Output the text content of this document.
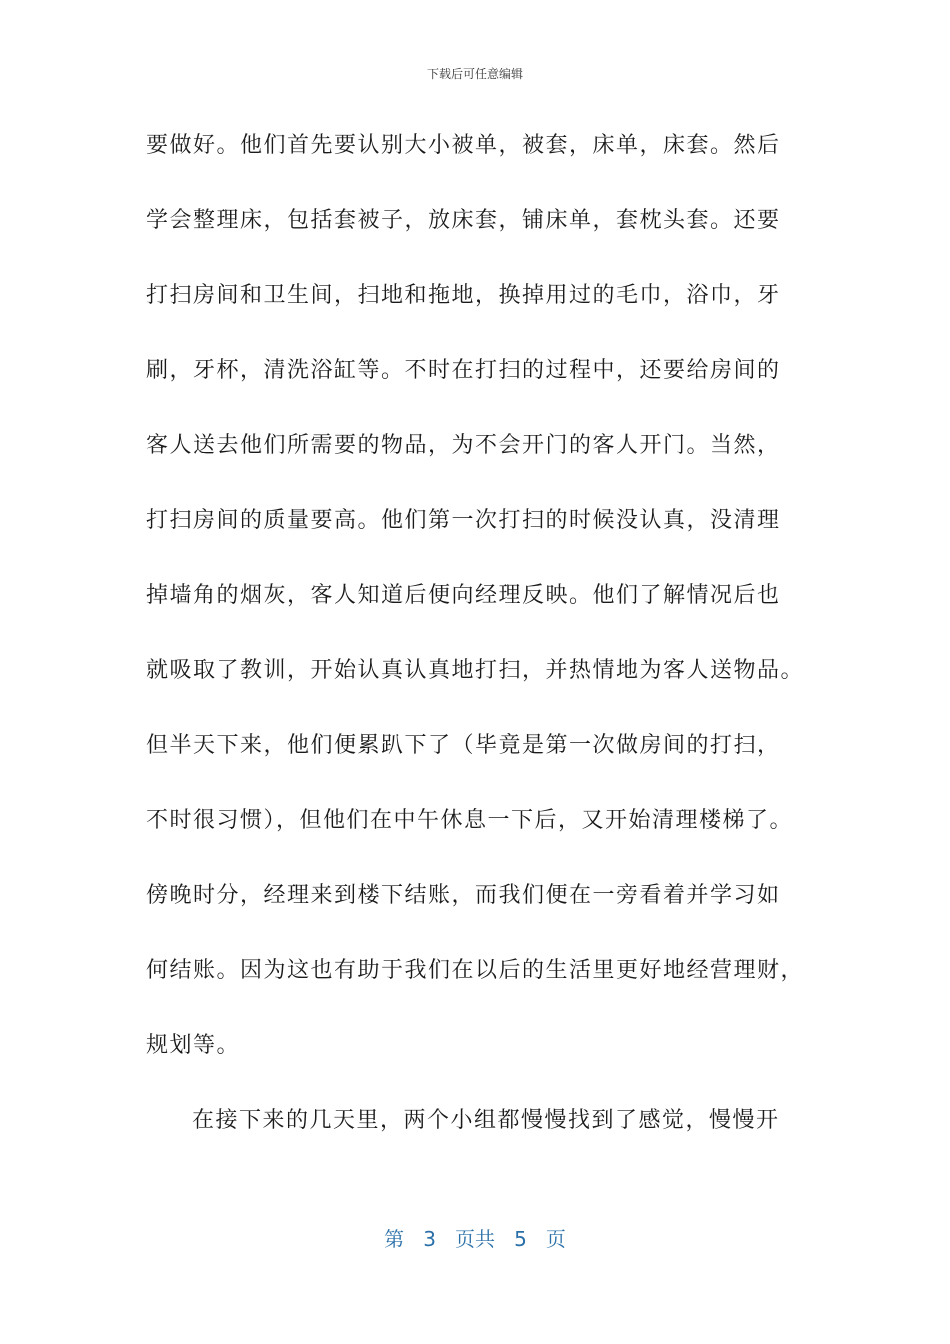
下载后可任意编辑
要做好。他们首先要认别大小被单，被套，床单，床套。然后
学会整理床，包括套被子，放床套，铺床单，套枕头套。还要
打扫房间和卫生间，扫地和拖地，换掉用过的毛巾，浴巾，牙
刷，牙杯，清洗浴缸等。不时在打扫的过程中，还要给房间的
客人送去他们所需要的物品，为不会开门的客人开门。当然，
打扫房间的质量要高。他们第一次打扫的时候没认真，没清理
掉墙角的烟灰，客人知道后便向经理反映。他们了解情况后也
就吸取了教训，开始认真认真地打扫，并热情地为客人送物品。
但半天下来，他们便累趴下了（毕竟是第一次做房间的打扫，
不时很习惯），但他们在中午休息一下后，又开始清理楼梯了。
傍晚时分，经理来到楼下结账，而我们便在一旁看着并学习如
何结账。因为这也有助于我们在以后的生活里更好地经营理财，
规划等。
在接下来的几天里，两个小组都慢慢找到了感觉，慢慢开
第 3 页共 5 页
